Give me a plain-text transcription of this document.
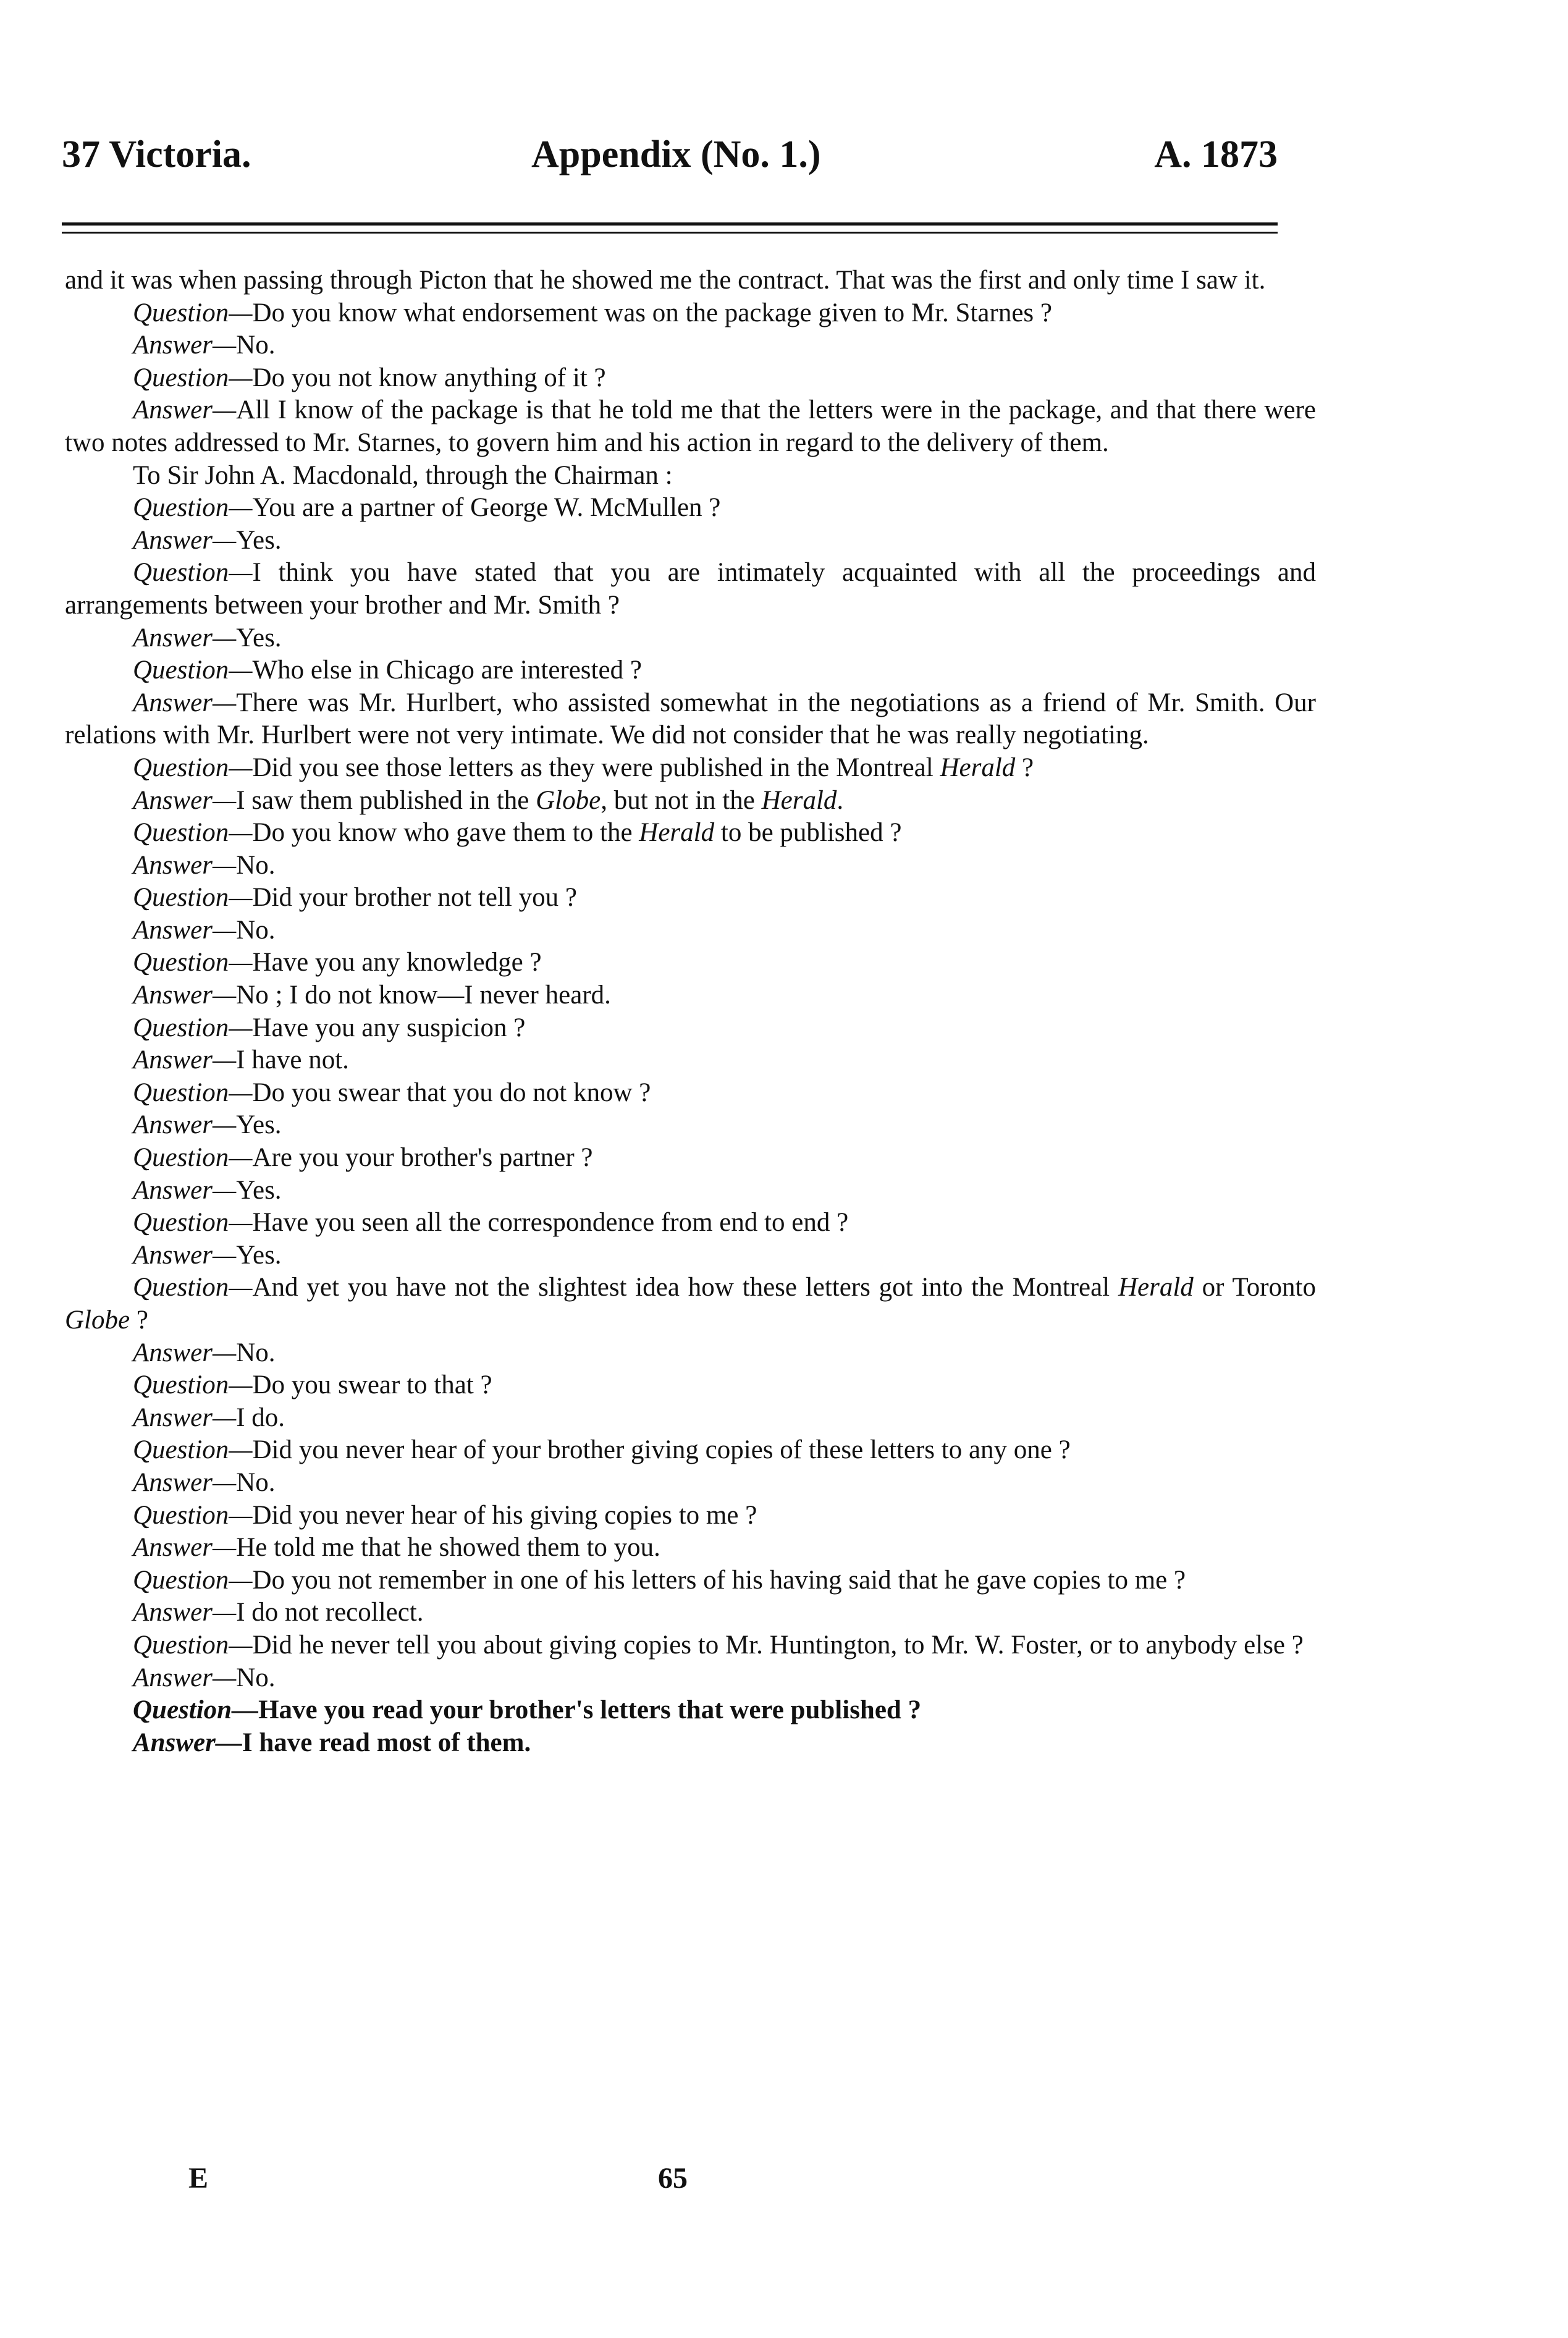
37 Victoria.	Appendix (No. 1.)	A. 1873

and it was when passing through Picton that he showed me the contract. That was the first and only time I saw it.

Question—Do you know what endorsement was on the package given to Mr. Starnes ?

Answer—No.

Question—Do you not know anything of it ?

Answer—All I know of the package is that he told me that the letters were in the package, and that there were two notes addressed to Mr. Starnes, to govern him and his action in regard to the delivery of them.

To Sir John A. Macdonald, through the Chairman :

Question—You are a partner of George W. McMullen ?

Answer—Yes.

Question—I think you have stated that you are intimately acquainted with all the proceedings and arrangements between your brother and Mr. Smith ?

Answer—Yes.

Question—Who else in Chicago are interested ?

Answer—There was Mr. Hurlbert, who assisted somewhat in the negotiations as a friend of Mr. Smith. Our relations with Mr. Hurlbert were not very intimate. We did not consider that he was really negotiating.

Question—Did you see those letters as they were published in the Montreal Herald ?

Answer—I saw them published in the Globe, but not in the Herald.

Question—Do you know who gave them to the Herald to be published ?

Answer—No.

Question—Did your brother not tell you ?

Answer—No.

Question—Have you any knowledge ?

Answer—No ; I do not know—I never heard.

Question—Have you any suspicion ?

Answer—I have not.

Question—Do you swear that you do not know ?

Answer—Yes.

Question—Are you your brother's partner ?

Answer—Yes.

Question—Have you seen all the correspondence from end to end ?

Answer—Yes.

Question—And yet you have not the slightest idea how these letters got into the Montreal Herald or Toronto Globe ?

Answer—No.

Question—Do you swear to that ?

Answer—I do.

Question—Did you never hear of your brother giving copies of these letters to any one ?

Answer—No.

Question—Did you never hear of his giving copies to me ?

Answer—He told me that he showed them to you.

Question—Do you not remember in one of his letters of his having said that he gave copies to me ?

Answer—I do not recollect.

Question—Did he never tell you about giving copies to Mr. Huntington, to Mr. W. Foster, or to anybody else ?

Answer—No.

Question—Have you read your brother's letters that were published ?

Answer—I have read most of them.

E	65
